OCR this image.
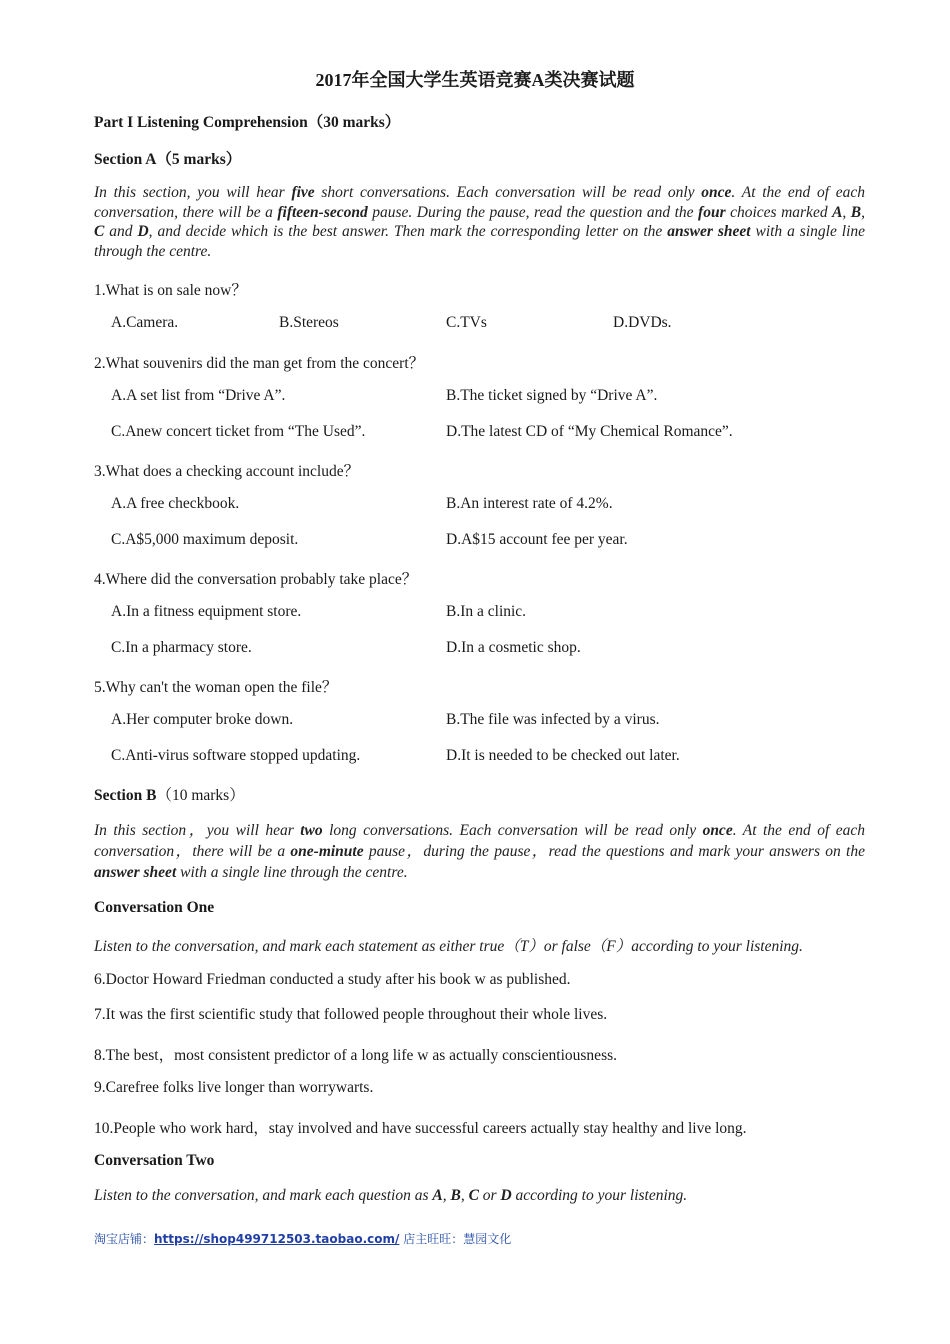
2017年全国大学生英语竞赛A类决赛试题
Part I Listening Comprehension（30 marks）
Section A（5 marks）
In this section, you will hear five short conversations. Each conversation will be read only once. At the end of each conversation, there will be a fifteen-second pause. During the pause, read the question and the four choices marked A, B, C and D, and decide which is the best answer. Then mark the corresponding letter on the answer sheet with a single line through the centre.
1.What is on sale now？
A.Camera.	B.Stereos	C.TVs	D.DVDs.
2.What souvenirs did the man get from the concert？
A.A set list from “Drive A”.	B.The ticket signed by “Drive A”.
C.Anew concert ticket from “The Used”.	D.The latest CD of “My Chemical Romance”.
3.What does a checking account include？
A.A free checkbook.	B.An interest rate of 4.2%.
C.A$5,000 maximum deposit.	D.A$15 account fee per year.
4.Where did the conversation probably take place？
A.In a fitness equipment store.	B.In a clinic.
C.In a pharmacy store.	D.In a cosmetic shop.
5.Why can't the woman open the file？
A.Her computer broke down.	B.The file was infected by a virus.
C.Anti-virus software stopped updating.	D.It is needed to be checked out later.
Section B（10 marks）
In this section，you will hear two long conversations. Each conversation will be read only once. At the end of each conversation，there will be a one-minute pause，during the pause，read the questions and mark your answers on the answer sheet with a single line through the centre.
Conversation One
Listen to the conversation, and mark each statement as either true（T）or false（F）according to your listening.
6.Doctor Howard Friedman conducted a study after his book w as published.
7.It was the first scientific study that followed people throughout their whole lives.
8.The best，most consistent predictor of a long life w as actually conscientiousness.
9.Carefree folks live longer than worrywarts.
10.People who work hard，stay involved and have successful careers actually stay healthy and live long.
Conversation Two
Listen to the conversation, and mark each question as A, B, C or D according to your listening.
淘宝店铺：https://shop499712503.taobao.com/ 店主旺旺：慧园文化
